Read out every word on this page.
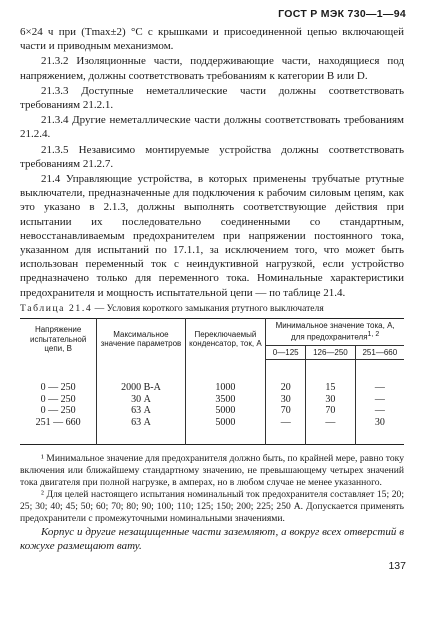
ГОСТ Р МЭК 730—1—94

6×24 ч при (Tmax±2) °С с крышками и присоединенной цепью включающей части и приводным механизмом.

21.3.2 Изоляционные части, поддерживающие части, находящиеся под напряжением, должны соответствовать требованиям к категории В или D.

21.3.3 Доступные неметаллические части должны соответствовать требованиям 21.2.1.

21.3.4 Другие неметаллические части должны соответствовать требованиям 21.2.4.

21.3.5 Независимо монтируемые устройства должны соответствовать требованиям 21.2.7.

21.4 Управляющие устройства, в которых применены трубчатые ртутные выключатели, предназначенные для подключения к рабочим силовым цепям, как это указано в 2.1.3, должны выполнять соответствующие действия при испытании их последовательно соединенными со стандартным, невосстанавливаемым предохранителем при напряжении постоянного тока, указанном для испытаний по 17.1.1, за исключением того, что может быть использован переменный ток с неиндуктивной нагрузкой, если устройство предназначено только для переменного тока. Номинальные характеристики предохранителя и мощность испытательной цепи — по таблице 21.4.

Таблица 21.4 — Условия короткого замыкания ртутного выключателя
Напряжение испытательной цепи, В	Максимальное значение параметров	Переключаемый конденсатор, ток, А	Минимальное значение тока, А, для предохранителя1, 2		
			0—125	126—250	251—660
0 — 250	2000 В-А	1000	20	15	—
0 — 250	30 А	3500	30	30	—
0 — 250	63 А	5000	70	70	—
251 — 660	63 А	5000	—	—	30

¹ Минимальное значение для предохранителя должно быть, по крайней мере, равно току включения или ближайшему стандартному значению, не превышающему четырех значений тока двигателя при полной нагрузке, в амперах, но в любом случае не менее указанного.

² Для целей настоящего испытания номинальный ток предохранителя составляет 15; 20; 25; 30; 40; 45; 50; 60; 70; 80; 90; 100; 110; 125; 150; 200; 225; 250 А. Допускается применять предохранители с промежуточными номинальными значениями.

Корпус и другие незащищенные части заземляют, а вокруг всех отверстий в кожухе размещают вату.

137
